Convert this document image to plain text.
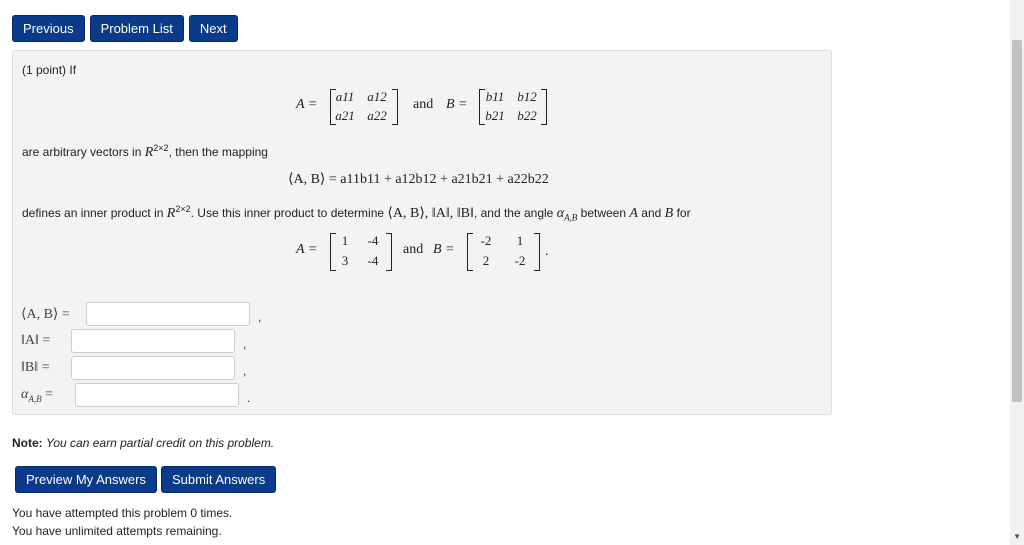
Previous	Problem List	Next
(1 point) If
A =
a11 a12
a21 a22
and B =
b11 b12
b21 b22
are arbitrary vectors in $R^{2\times 2}$, then the mapping
⟨A, B⟩ = a11b11 + a12b12 + a21b21 + a22b22
defines an inner product in $R^{2\times 2}$. Use this inner product to determine ⟨A, B⟩, ‖A‖, ‖B‖, and the angle $\alpha_{A,B}$ between A and B for
A =
1	-4
3	-4
and B =
-2	1
2	-2
.
⟨A, B⟩ =	,
‖A‖ =	,
‖B‖ =	,
$\alpha_{A,B}$ =	.
Note: You can earn partial credit on this problem.
Preview My Answers	Submit Answers
You have attempted this problem 0 times.
You have unlimited attempts remaining.	▼
